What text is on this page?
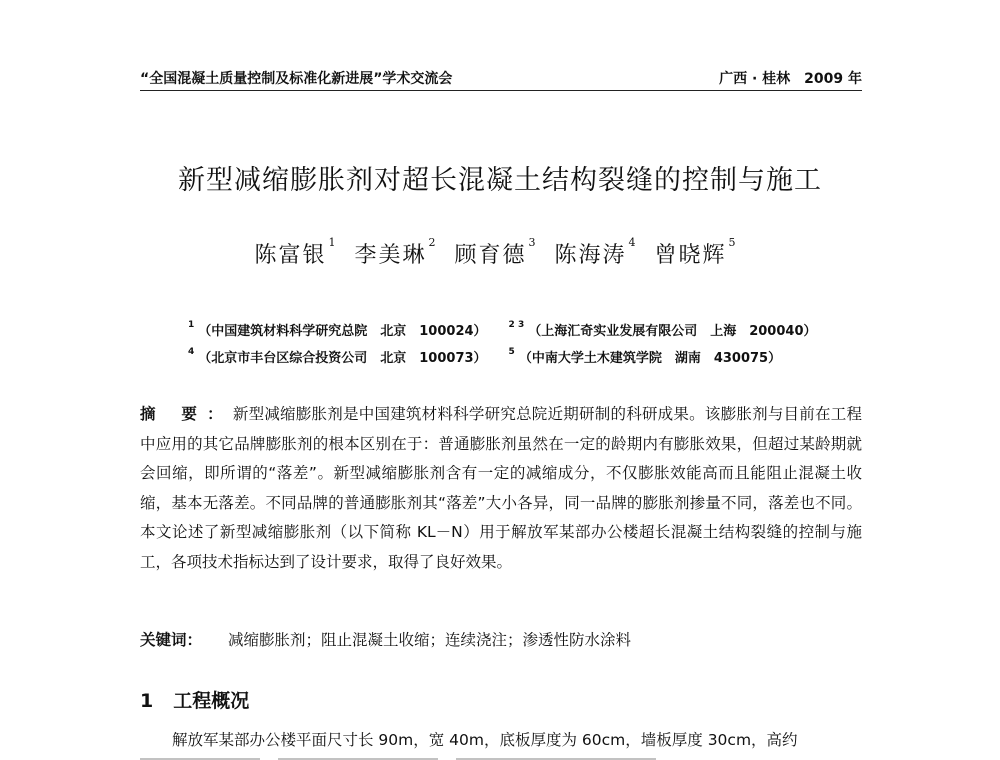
“全国混凝土质量控制及标准化新进展”学术交流会	广西 · 桂林　2009 年
新型减缩膨胀剂对超长混凝土结构裂缝的控制与施工
陈富银$^1$ 李美琳$^2$ 顾育德$^3$ 陈海涛$^4$ 曾晓辉$^5$
$^1$ （中国建筑材料科学研究总院　北京　100024） $^{2 3}$ （上海汇奇实业发展有限公司　上海　200040）
$^4$ （北京市丰台区综合投资公司　北京　100073） $^5$ （中南大学土木建筑学院　湖南　430075）
摘 要：新型减缩膨胀剂是中国建筑材料科学研究总院近期研制的科研成果。该膨胀剂与目前在工程中应用的其它品牌膨胀剂的根本区别在于：普通膨胀剂虽然在一定的龄期内有膨胀效果，但超过某龄期就会回缩，即所谓的“落差”。新型减缩膨胀剂含有一定的减缩成分，不仅膨胀效能高而且能阻止混凝土收缩，基本无落差。不同品牌的普通膨胀剂其“落差”大小各异，同一品牌的膨胀剂掺量不同，落差也不同。本文论述了新型减缩膨胀剂（以下简称 KL－N）用于解放军某部办公楼超长混凝土结构裂缝的控制与施工，各项技术指标达到了设计要求，取得了良好效果。
关键词： 减缩膨胀剂；阻止混凝土收缩；连续浇注；渗透性防水涂料
1 工程概况
解放军某部办公楼平面尺寸长 90m，宽 40m，底板厚度为 60cm，墙板厚度 30cm，高约
